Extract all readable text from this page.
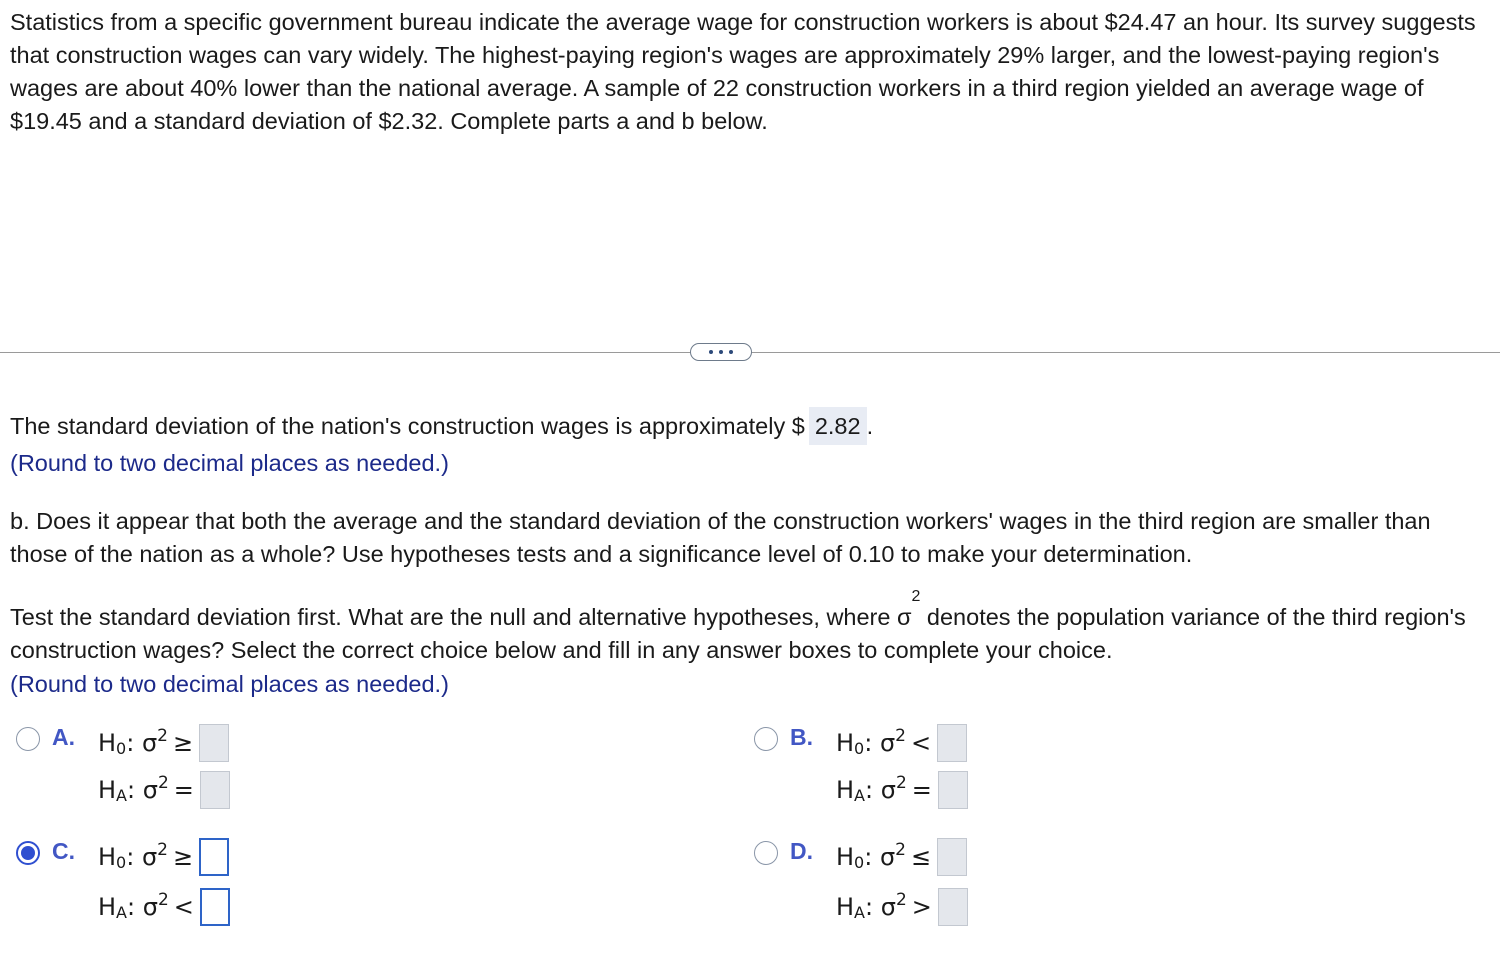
Statistics from a specific government bureau indicate the average wage for construction workers is about $24.47 an hour. Its survey suggests that construction wages can vary widely. The highest-paying region's wages are approximately 29% larger, and the lowest-paying region's wages are about 40% lower than the national average. A sample of 22 construction workers in a third region yielded an average wage of $19.45 and a standard deviation of $2.32. Complete parts a and b below.

The standard deviation of the nation's construction wages is approximately $ 2.82 .

(Round to two decimal places as needed.)

b. Does it appear that both the average and the standard deviation of the construction workers' wages in the third region are smaller than those of the nation as a whole? Use hypotheses tests and a significance level of 0.10 to make your determination.

Test the standard deviation first. What are the null and alternative hypotheses, where $\sigma^2$ denotes the population variance of the third region's construction wages? Select the correct choice below and fill in any answer boxes to complete your choice.

(Round to two decimal places as needed.)

A. $H_0$ : $\sigma^2$ ≥
$H_A$ : $\sigma^2$ =
B. $H_0$ : $\sigma^2$ <
$H_A$ : $\sigma^2$ =
C. $H_0$ : $\sigma^2$ ≥
$H_A$ : $\sigma^2$ <
D. $H_0$ : $\sigma^2$ ≤
$H_A$ : $\sigma^2$ >
